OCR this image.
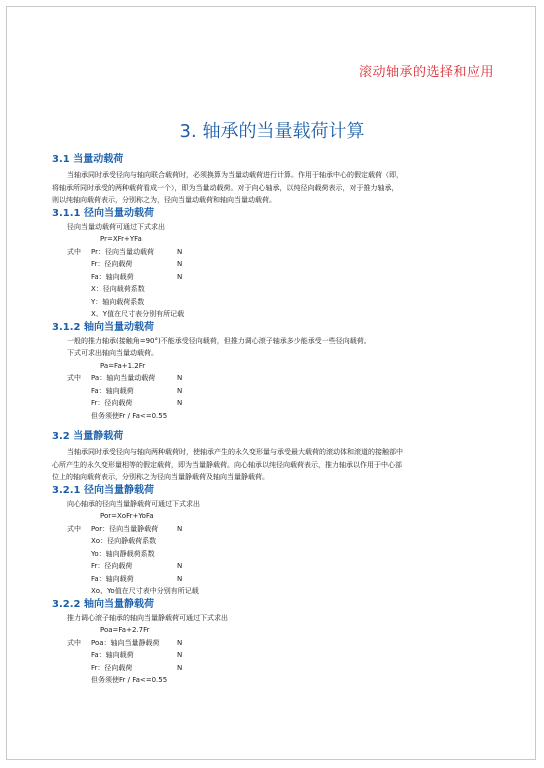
滚动轴承的选择和应用
3. 轴承的当量载荷计算
3.1 当量动载荷

当轴承同时承受径向与轴向联合载荷时，必须换算为当量动载荷进行计算。作用于轴承中心的假定载荷（即，
将轴承所同时承受的两种载荷看成一个），即为当量动载荷。对于向心轴承，以纯径向载荷表示，对于推力轴承，
则以纯轴向载荷表示，分别称之为，径向当量动载荷和轴向当量动载荷。

3.1.1 径向当量动载荷

径向当量动载荷可通过下式求出

Pr=XFr+YFa

式中	Pr：径向当量动载荷	N
Fr：径向载荷	N
Fa：轴向载荷	N
X：径向载荷系数
Y：轴向载荷系数
X、Y值在尺寸表分别有所记载
3.1.2 轴向当量动载荷

一般的推力轴承(接触角=90°)不能承受径向载荷，但推力调心滚子轴承多少能承受一些径向载荷。

下式可求出轴向当量动载荷。

Pa=Fa+1.2Fr

式中	Pa：轴向当量动载荷	N
Fa：轴向载荷	N
Fr：径向载荷	N
但务须使Fr / Fa<=0.55
3.2 当量静载荷

当轴承同时承受径向与轴向两种载荷时，使轴承产生的永久变形量与承受最大载荷的滚动体和滚道的接触部中
心所产生的永久变形量相等的假定载荷，即为当量静载荷。向心轴承以纯径向载荷表示，推力轴承以作用于中心部
位上的轴向载荷表示，分别称之为径向当量静载荷及轴向当量静载荷。

3.2.1 径向当量静载荷

向心轴承的径向当量静载荷可通过下式求出

Por=XoFr+YoFa

式中	Por：径向当量静载荷	N
Xo：径向静载荷系数
Yo：轴向静载荷系数
Fr：径向载荷	N
Fa：轴向载荷	N
Xo、Yo值在尺寸表中分别有所记载
3.2.2 轴向当量静载荷

推力调心滚子轴承的轴向当量静载荷可通过下式求出

Poa=Fa+2.7Fr

式中	Poa：轴向当量静载荷	N
Fa：轴向载荷	N
Fr：径向载荷	N
但务须使Fr / Fa<=0.55
